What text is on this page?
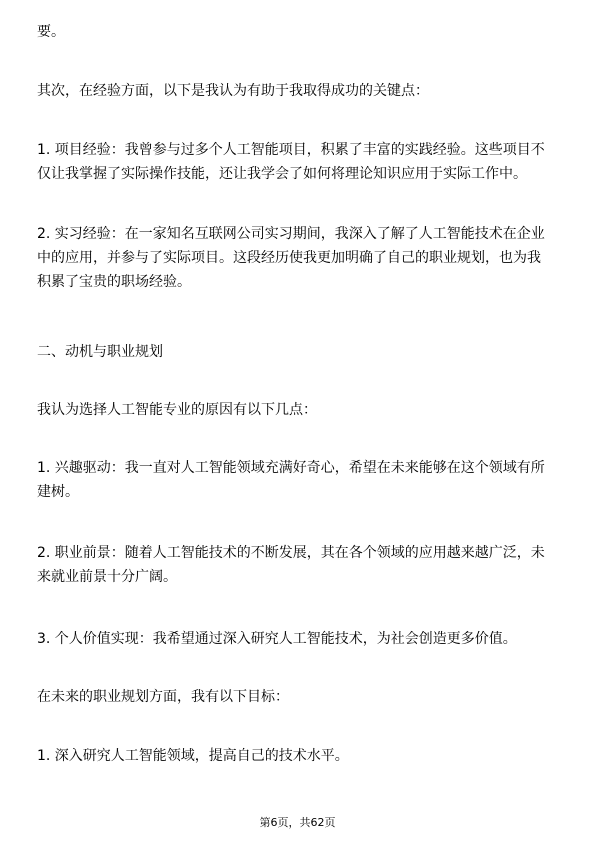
要。

其次，在经验方面，以下是我认为有助于我取得成功的关键点：

1. 项目经验：我曾参与过多个人工智能项目，积累了丰富的实践经验。这些项目不
仅让我掌握了实际操作技能，还让我学会了如何将理论知识应用于实际工作中。

2. 实习经验：在一家知名互联网公司实习期间，我深入了解了人工智能技术在企业
中的应用，并参与了实际项目。这段经历使我更加明确了自己的职业规划，也为我
积累了宝贵的职场经验。

二、动机与职业规划

我认为选择人工智能专业的原因有以下几点：

1. 兴趣驱动：我一直对人工智能领域充满好奇心，希望在未来能够在这个领域有所
建树。

2. 职业前景：随着人工智能技术的不断发展，其在各个领域的应用越来越广泛，未
来就业前景十分广阔。

3. 个人价值实现：我希望通过深入研究人工智能技术，为社会创造更多价值。

在未来的职业规划方面，我有以下目标：

1. 深入研究人工智能领域，提高自己的技术水平。

第6页，共62页
